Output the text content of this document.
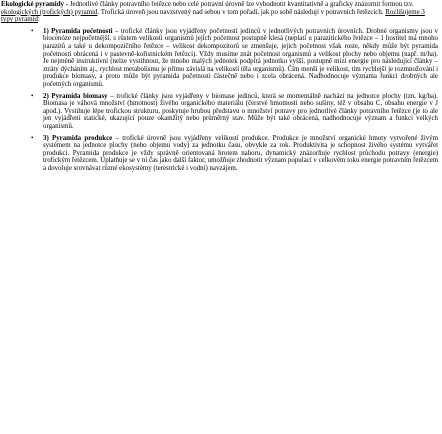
Ekologické pyramidy - Jednotlivé články potravního řetězce nebo celé potravní úrovně lze vyhodnotit kvantitativně a graficky znázornit formou tzv. ekologických (trofických) pyramid. Trofická úroveň jsou navzstvený nad sebou v tom pořadí, jak po sobě následují v potravních řetězcích. Rozlišujeme 3 typy pyramid:

• 1) Pyramida početnosti – trofické články jsou vyjádřeny početností jedinců v jednotlivých potravních úrovních. Drobné organismy jsou v biocenóze nejpočetnější, s růstem velikosti organismů jejich početnost postupně klesá (neplatí u parazitického řetězce – 1 hostitel má mnoho parazitů a také u dekompozičního řetězce – velikost dekompozitorů se zmenšuje, jejich početnost však roste, někdy může být pyramida početnosti obrácená i v pastevně-kořistnickém řetězci). Vždy musíme znát početnost organismů a velikost plochy nebo objemu (např. m/ha). Je nejméně instruktivní (nelze vystihnout, že mnoho malých jednotek podpírá jednotku vyšší, postupně mizí energie pro následující články – ztráty dýcháním aj., rychlost metabolismu je přímo závislá na velikosti těla organismů). Čím menší je velikost, tím rychlejší je rozmnožování i produkce biomasy, a proto může být pyramida početnosti částečně nebo i zcela obrácená. Nadhodnocuje význama funkci drobných ale početných organismů.
• 2) Pyramida biomasy – trofické články jsou vyjádřeny v biomase jedinců, která se momentálně nachází na jednotce plochy (tzn. kg/ha). Biomasa je váhová množství (hmotnost) živého organického materiálu (čerstvé hmotnosti nebo sušiny, též v obsahu C, obsahu energie v J apod.). Vystihuje lépe trofickou strukturu, poskytuje hrubou představu o množství potravy pro jednotlivé články potravního řetězce (je to ale jen vyjádření statické, ukazující pouze okamžitý nebo průměrný stav. Může být také obrácená, nadhodnocuje význam a funkci velkých organismů.
• 3) Pyramida produkce – trofické úrovně jsou vyjádřeny velikostí produkce. Produkce je množství organické hmoty vytvořené živým systémem na jednotce plochy (nebo objemu vody) za jednotku času, obvykle za rok. Produktivita je schopnost živého systému vytvářet produkci. Pyramida produkce je vždy správně orientovaná hrotem nahoru, dynamický znázorňuje rychlost průchodu potravy (energie) trofickým řetězcem. Uplatňuje se v ní čas jako další faktor, umožňuje zhodnotit význam populací v celkovém toku energie potravním řetězcem a dovoluje srovnávat různé ekosystémy (terestrické i vodní) navzájem.
